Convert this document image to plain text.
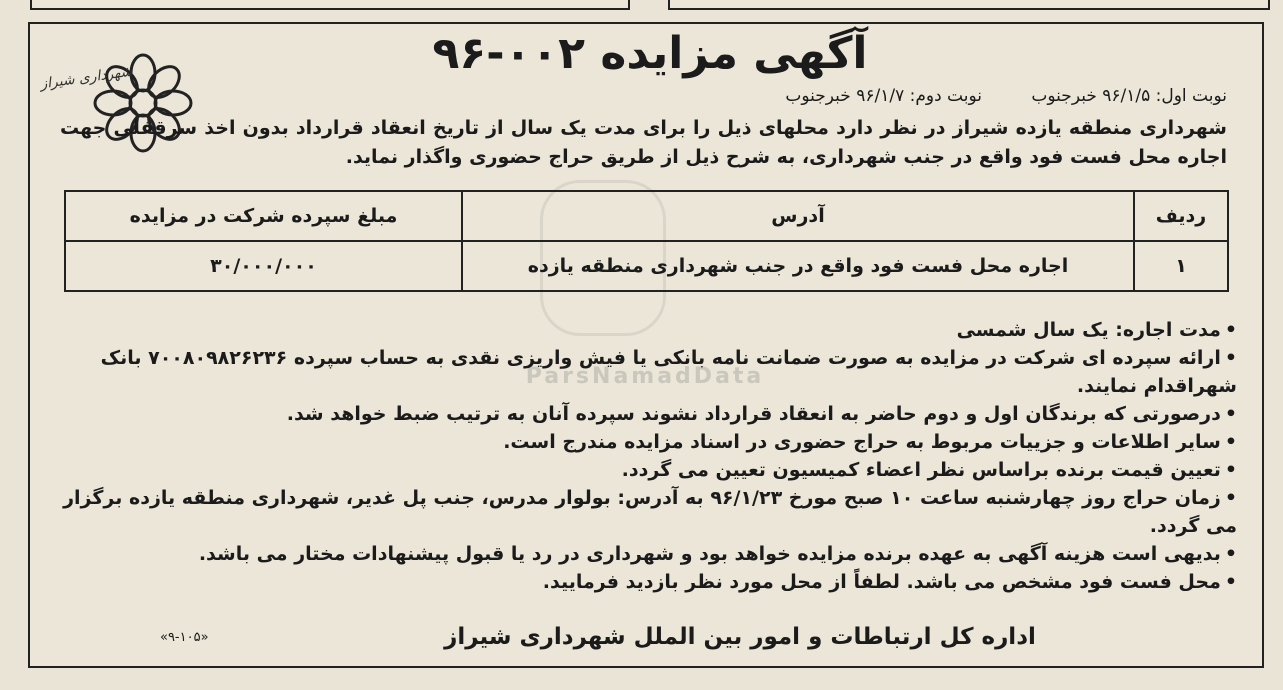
شهرداری شیراز	آگهی مزایده ۰۰۲-۹۶
نوبت اول: ۹۶/۱/۵ خبرجنوب نوبت دوم: ۹۶/۱/۷ خبرجنوب
شهرداری منطقه یازده شیراز در نظر دارد محلهای ذیل را برای مدت یک سال از تاریخ انعقاد قرارداد بدون اخذ سرقفلی جهت اجاره محل فست فود واقع در جنب شهرداری، به شرح ذیل از طریق حراج حضوری واگذار نماید.
ردیف	آدرس	مبلغ سپرده شرکت در مزایده
۱	اجاره محل فست فود واقع در جنب شهرداری منطقه یازده	۳۰/۰۰۰/۰۰۰
ParsNamadData
• مدت اجاره: یک سال شمسی
• ارائه سپرده ای شرکت در مزایده به صورت ضمانت نامه بانکی یا فیش واریزی نقدی به حساب سپرده ۷۰۰۸۰۹۸۲۶۲۳۶ بانک شهراقدام نمایند.
• درصورتی که برندگان اول و دوم حاضر به انعقاد قرارداد نشوند سپرده آنان به ترتیب ضبط خواهد شد.
• سایر اطلاعات و جزییات مربوط به حراج حضوری در اسناد مزایده مندرج است.
• تعیین قیمت برنده براساس نظر اعضاء کمیسیون تعیین می گردد.
• زمان حراج روز چهارشنبه ساعت ۱۰ صبح مورخ ۹۶/۱/۲۳ به آدرس: بولوار مدرس، جنب پل غدیر، شهرداری منطقه یازده برگزار می گردد.
• بدیهی است هزینه آگهی به عهده برنده مزایده خواهد بود و شهرداری در رد یا قبول پیشنهادات مختار می باشد.
• محل فست فود مشخص می باشد. لطفاً از محل مورد نظر بازدید فرمایید.
«۹-۱۰۵»	اداره کل ارتباطات و امور بین الملل شهرداری شیراز
